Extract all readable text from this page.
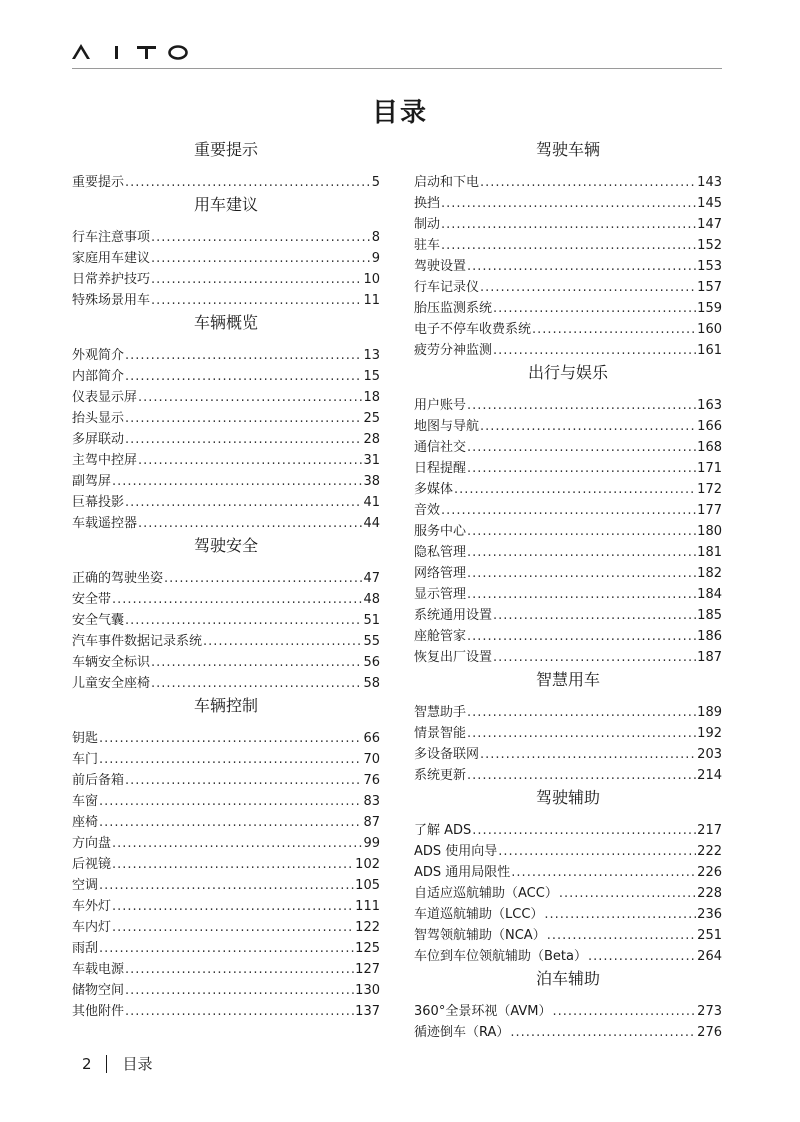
目录
重要提示
重要提示 .....	5
用车建议
行车注意事项 .....	8
家庭用车建议 .....	9
日常养护技巧 .....	10
特殊场景用车 .....	11
车辆概览
外观简介 .....	13
内部简介 .....	15
仪表显示屏 .....	18
抬头显示 .....	25
多屏联动 .....	28
主驾中控屏 .....	31
副驾屏 .....	38
巨幕投影 .....	41
车载遥控器 .....	44
驾驶安全
正确的驾驶坐姿 .....	47
安全带 .....	48
安全气囊 .....	51
汽车事件数据记录系统 .....	55
车辆安全标识 .....	56
儿童安全座椅 .....	58
车辆控制
钥匙 .....	66
车门 .....	70
前后备箱 .....	76
车窗 .....	83
座椅 .....	87
方向盘 .....	99
后视镜 .....	102
空调 .....	105
车外灯 .....	111
车内灯 .....	122
雨刮 .....	125
车载电源 .....	127
储物空间 .....	130
其他附件 .....	137
驾驶车辆
启动和下电 .....	143
换挡 .....	145
制动 .....	147
驻车 .....	152
驾驶设置 .....	153
行车记录仪 .....	157
胎压监测系统 .....	159
电子不停车收费系统 .....	160
疲劳分神监测 .....	161
出行与娱乐
用户账号 .....	163
地图与导航 .....	166
通信社交 .....	168
日程提醒 .....	171
多媒体 .....	172
音效 .....	177
服务中心 .....	180
隐私管理 .....	181
网络管理 .....	182
显示管理 .....	184
系统通用设置 .....	185
座舱管家 .....	186
恢复出厂设置 .....	187
智慧用车
智慧助手 .....	189
情景智能 .....	192
多设备联网 .....	203
系统更新 .....	214
驾驶辅助
了解 ADS .....	217
ADS 使用向导 .....	222
ADS 通用局限性 .....	226
自适应巡航辅助（ACC） .....	228
车道巡航辅助（LCC） .....	236
智驾领航辅助（NCA） .....	251
车位到车位领航辅助（Beta） .....	264
泊车辅助
360°全景环视（AVM） .....	273
循迹倒车（RA） .....	276
2 目录
